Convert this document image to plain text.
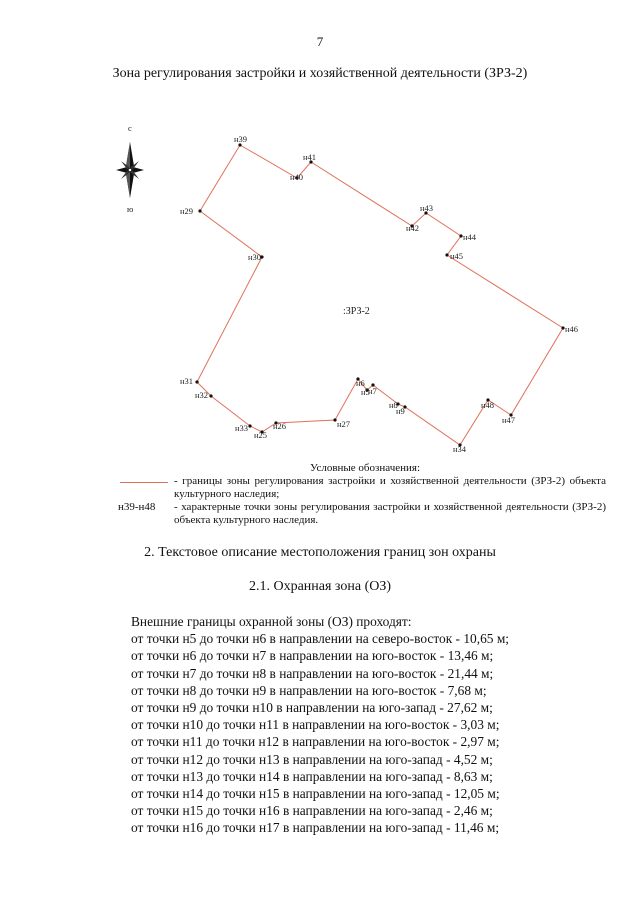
7
Зона регулирования застройки и хозяйственной деятельности (ЗРЗ-2)
с
ю
н39
н40
н41
н42
н43
н44
н45
н46
н47
н48
н34
н9
н8
н7
н5
н6
н27
н26
н25
н33
н32
н31
н30
н29
:ЗРЗ-2
Условные обозначения:
- границы зоны регулирования застройки и хозяйственной деятельности (ЗРЗ-2) объекта культурного наследия;
н39-н48	- характерные точки зоны регулирования застройки и хозяйственной деятельности (ЗРЗ-2) объекта культурного наследия.
2. Текстовое описание местоположения границ зон охраны
2.1. Охранная зона (ОЗ)
Внешние границы охранной зоны (ОЗ) проходят:
от точки н5 до точки н6 в направлении на северо-восток - 10,65 м;
от точки н6 до точки н7 в направлении на юго-восток - 13,46 м;
от точки н7 до точки н8 в направлении на юго-восток - 21,44 м;
от точки н8 до точки н9 в направлении на юго-восток - 7,68 м;
от точки н9 до точки н10 в направлении на юго-запад - 27,62 м;
от точки н10 до точки н11 в направлении на юго-восток - 3,03 м;
от точки н11 до точки н12 в направлении на юго-восток - 2,97 м;
от точки н12 до точки н13 в направлении на юго-запад - 4,52 м;
от точки н13 до точки н14 в направлении на юго-запад - 8,63 м;
от точки н14 до точки н15 в направлении на юго-запад - 12,05 м;
от точки н15 до точки н16 в направлении на юго-запад - 2,46 м;
от точки н16 до точки н17 в направлении на юго-запад - 11,46 м;
